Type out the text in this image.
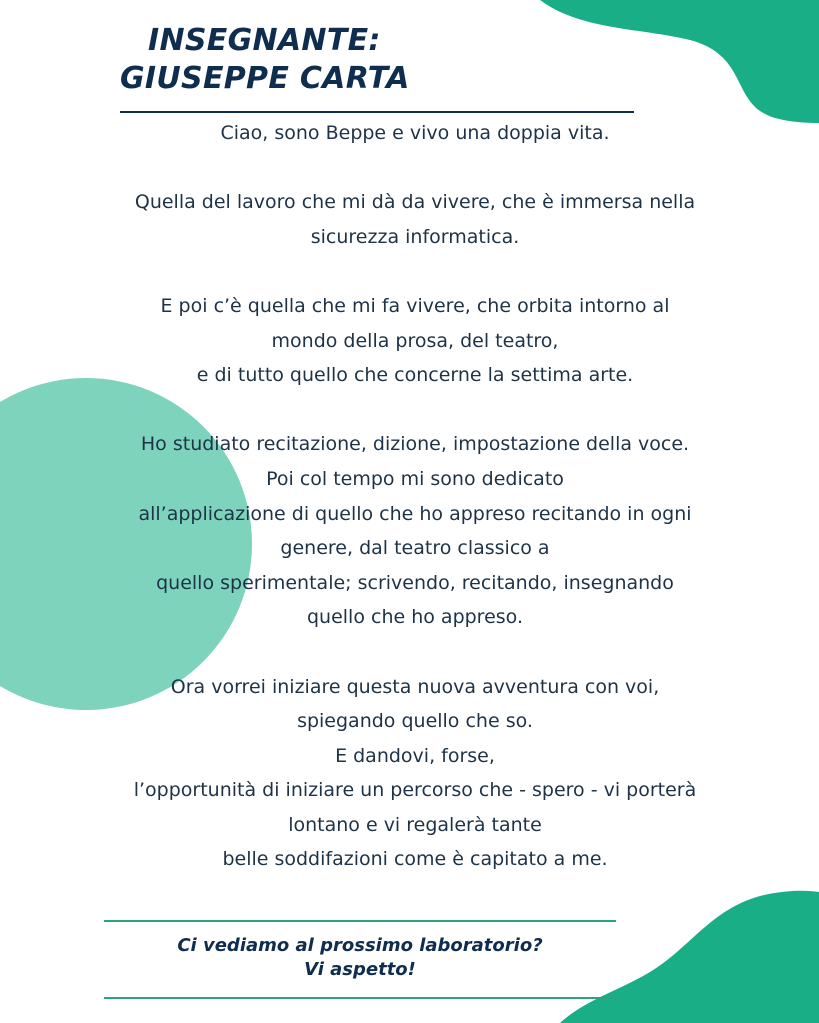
INSEGNANTE:
GIUSEPPE CARTA
Ciao, sono Beppe e vivo una doppia vita.
Quella del lavoro che mi dà da vivere, che è immersa nella
sicurezza informatica.
E poi c’è quella che mi fa vivere, che orbita intorno al
mondo della prosa, del teatro,
e di tutto quello che concerne la settima arte.
Ho studiato recitazione, dizione, impostazione della voce.
Poi col tempo mi sono dedicato
all’applicazione di quello che ho appreso recitando in ogni
genere, dal teatro classico a
quello sperimentale; scrivendo, recitando, insegnando
quello che ho appreso.
Ora vorrei iniziare questa nuova avventura con voi,
spiegando quello che so.
E dandovi, forse,
l’opportunità di iniziare un percorso che - spero - vi porterà
lontano e vi regalerà tante
belle soddifazioni come è capitato a me.
Ci vediamo al prossimo laboratorio?
Vi aspetto!
